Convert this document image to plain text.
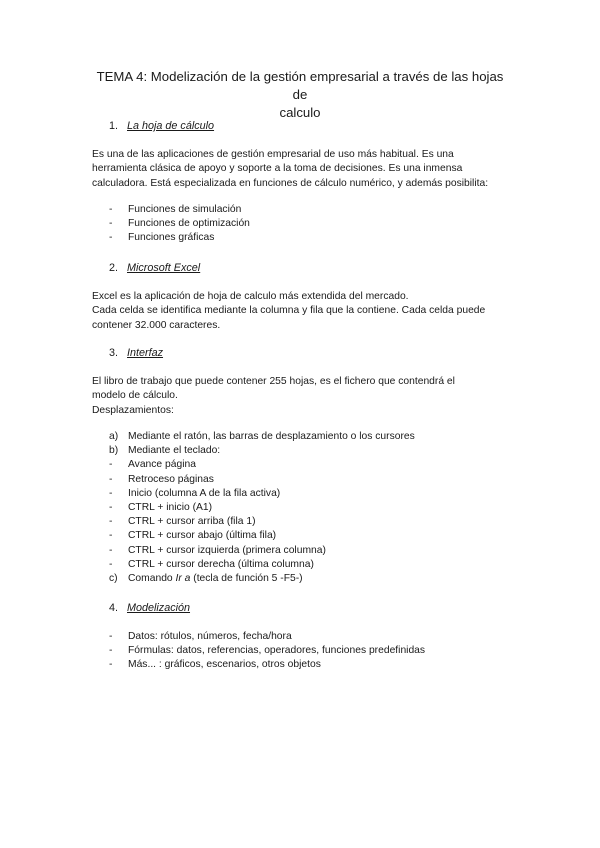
TEMA 4: Modelización de la gestión empresarial a través de las hojas de
calculo
1. La hoja de cálculo

Es una de las aplicaciones de gestión empresarial de uso más habitual. Es una
herramienta clásica de apoyo y soporte a la toma de decisiones. Es una inmensa
calculadora. Está especializada en funciones de cálculo numérico, y además posibilita:

- Funciones de simulación
- Funciones de optimización
- Funciones gráficas
2. Microsoft Excel

Excel es la aplicación de hoja de calculo más extendida del mercado.
Cada celda se identifica mediante la columna y fila que la contiene. Cada celda puede
contener 32.000 caracteres.

3. Interfaz

El libro de trabajo que puede contener 255 hojas, es el fichero que contendrá el
modelo de cálculo.
Desplazamientos:

a) Mediante el ratón, las barras de desplazamiento o los cursores
b) Mediante el teclado:
- Avance página
- Retroceso páginas
- Inicio (columna A de la fila activa)
- CTRL + inicio (A1)
- CTRL + cursor arriba (fila 1)
- CTRL + cursor abajo (última fila)
- CTRL + cursor izquierda (primera columna)
- CTRL + cursor derecha (última columna)
c) Comando Ir a (tecla de función 5 -F5-)
4. Modelización
- Datos: rótulos, números, fecha/hora
- Fórmulas: datos, referencias, operadores, funciones predefinidas
- Más... : gráficos, escenarios, otros objetos
